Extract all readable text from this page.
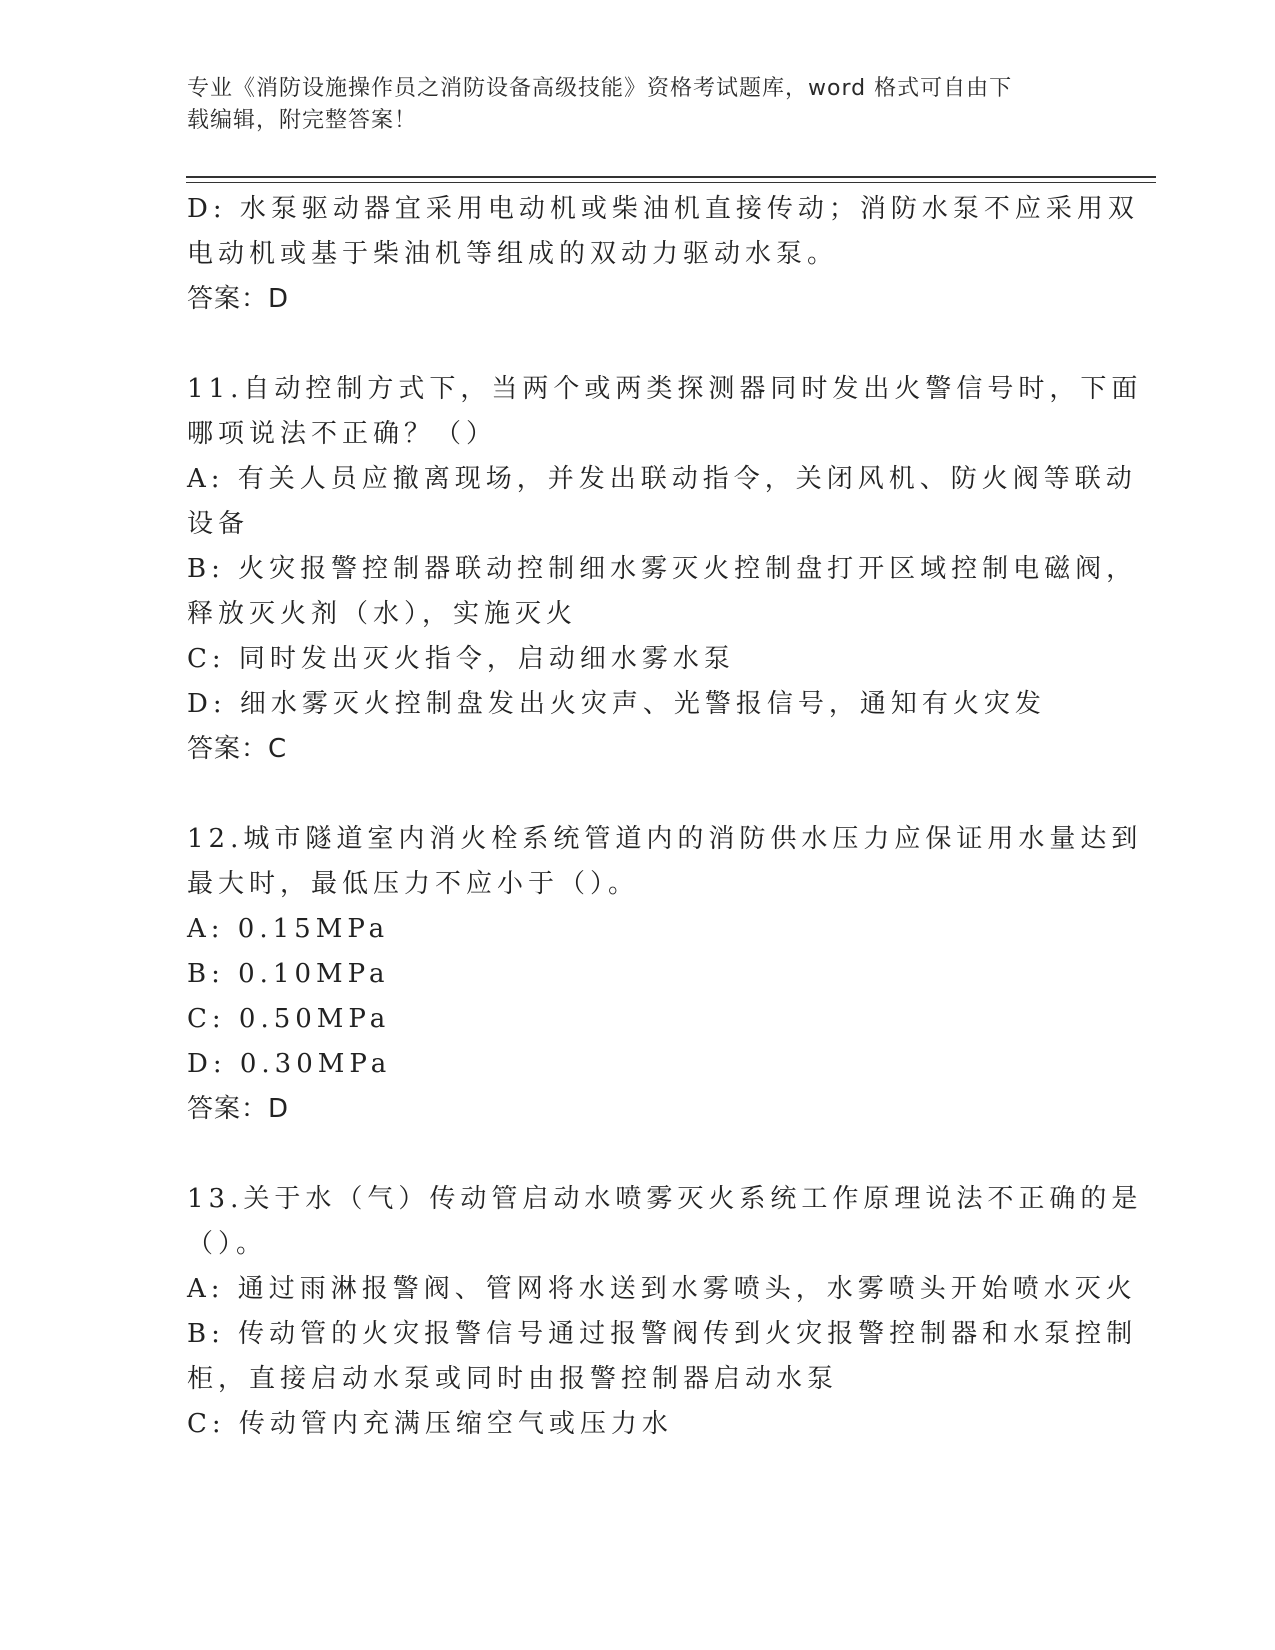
专业《消防设施操作员之消防设备高级技能》资格考试题库，word 格式可自由下
载编辑，附完整答案！

D: 水泵驱动器宜采用电动机或柴油机直接传动；消防水泵不应采用双

电动机或基于柴油机等组成的双动力驱动水泵。

答案：D

11.自动控制方式下，当两个或两类探测器同时发出火警信号时，下面

哪项说法不正确？（）

A: 有关人员应撤离现场，并发出联动指令，关闭风机、防火阀等联动

设备

B: 火灾报警控制器联动控制细水雾灭火控制盘打开区域控制电磁阀，

释放灭火剂（水），实施灭火

C: 同时发出灭火指令，启动细水雾水泵

D: 细水雾灭火控制盘发出火灾声、光警报信号，通知有火灾发

答案：C

12.城市隧道室内消火栓系统管道内的消防供水压力应保证用水量达到

最大时，最低压力不应小于（）。

A: 0.15MPa

B: 0.10MPa

C: 0.50MPa

D: 0.30MPa

答案：D

13.关于水（气）传动管启动水喷雾灭火系统工作原理说法不正确的是

（）。

A: 通过雨淋报警阀、管网将水送到水雾喷头，水雾喷头开始喷水灭火

B: 传动管的火灾报警信号通过报警阀传到火灾报警控制器和水泵控制

柜，直接启动水泵或同时由报警控制器启动水泵

C: 传动管内充满压缩空气或压力水
